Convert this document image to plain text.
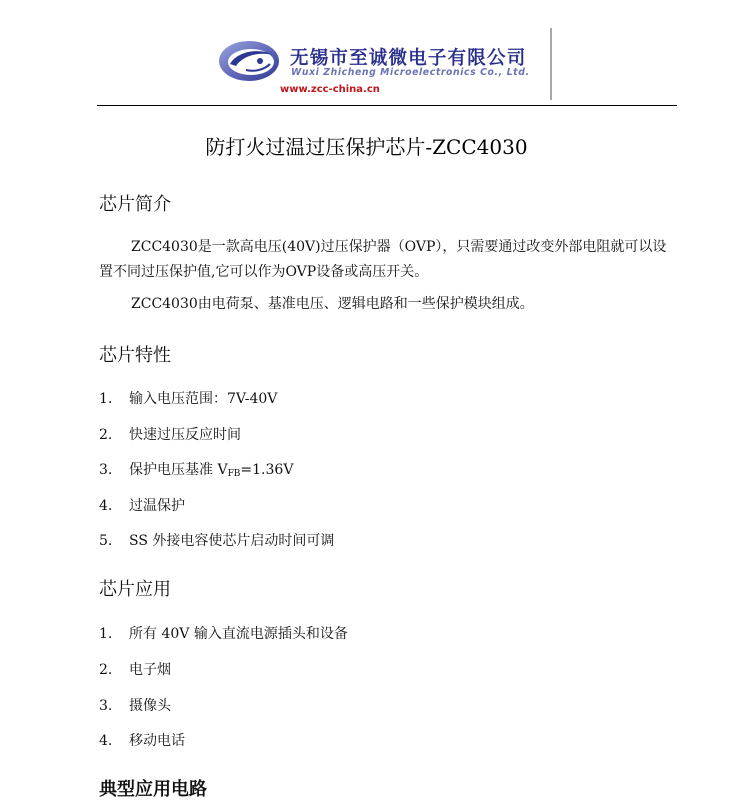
无锡市至诚微电子有限公司
Wuxi Zhicheng Microelectronics Co., Ltd.
www.zcc-china.cn
防打火过温过压保护芯片-ZCC4030
芯片简介
ZCC4030是一款高电压(40V)过压保护器（OVP），只需要通过改变外部电阻就可以设置不同过压保护值,它可以作为OVP设备或高压开关。
ZCC4030由电荷泵、基准电压、逻辑电路和一些保护模块组成。
芯片特性
1. 输入电压范围：7V-40V
2. 快速过压反应时间
3. 保护电压基准 $V_{FB}=1.36V$
4. 过温保护
5. SS 外接电容使芯片启动时间可调
芯片应用
1. 所有 40V 输入直流电源插头和设备
2. 电子烟
3. 摄像头
4. 移动电话
典型应用电路
